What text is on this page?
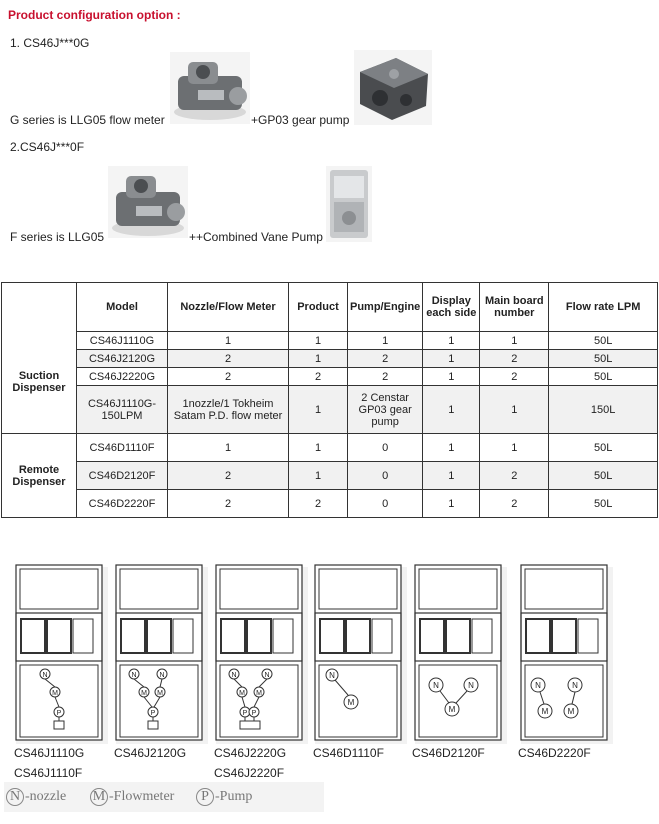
Product configuration option :
1. CS46J***0G
G series is LLG05 flow meter	+GP03 gear pump
2.CS46J***0F
F series is LLG05	++Combined Vane Pump
	Model	Nozzle/Flow Meter	Product	Pump/Engine	Display each side	Main board number	Flow rate LPM
Suction Dispenser	CS46J1110G	1	1	1	1	1	50L
	CS46J2120G	2	1	2	1	2	50L
	CS46J2220G	2	2	2	1	2	50L
	CS46J1110G-150LPM	1nozzle/1 Tokheim Satam P.D. flow meter	1	2 Censtar GP03 gear pump	1	1	150L
Remote Dispenser	CS46D1110F	1	1	0	1	1	50L
	CS46D2120F	2	1	0	1	2	50L
	CS46D2220F	2	2	0	1	2	50L
N
M
P
N	N
M M
P
N	N
M M
P P
N
M
N	N
M
N	N
M M
CS46J1110G
CS46J1110F
CS46J2120G CS46J2220G
CS46J2220F
CS46D1110F CS46D2120F	CS46D2220F
N -nozzle M -Flowmeter	P -Pump
